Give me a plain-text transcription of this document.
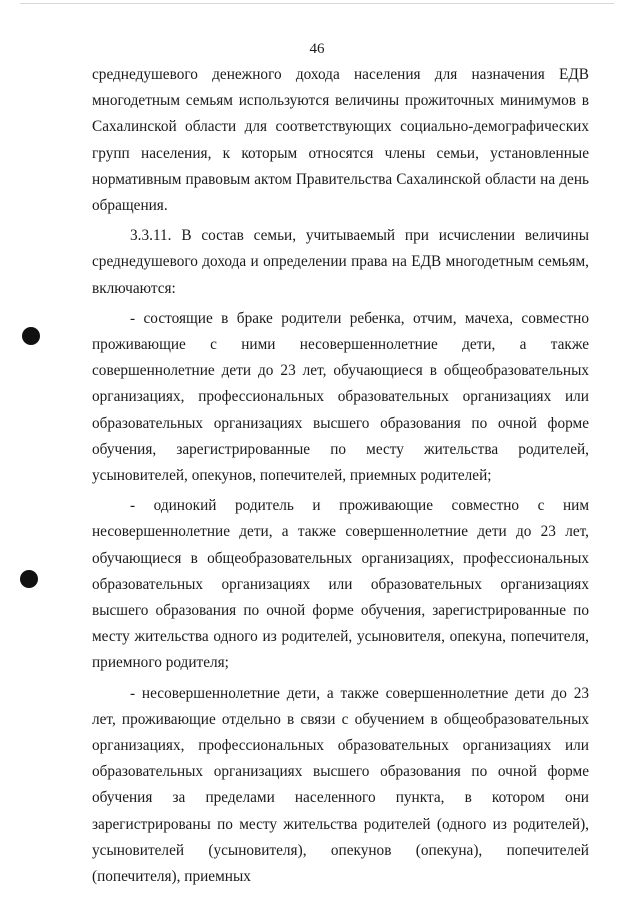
46

среднедушевого денежного дохода населения для назначения ЕДВ многодетным семьям используются величины прожиточных минимумов в Сахалинской области для соответствующих социально-демографических групп населения, к которым относятся члены семьи, установленные нормативным правовым актом Правительства Сахалинской области на день обращения.

3.3.11. В состав семьи, учитываемый при исчислении величины среднедушевого дохода и определении права на ЕДВ многодетным семьям, включаются:

- состоящие в браке родители ребенка, отчим, мачеха, совместно проживающие с ними несовершеннолетние дети, а также совершеннолетние дети до 23 лет, обучающиеся в общеобразовательных организациях, профессиональных образовательных организациях или образовательных организациях высшего образования по очной форме обучения, зарегистрированные по месту жительства родителей, усыновителей, опекунов, попечителей, приемных родителей;

- одинокий родитель и проживающие совместно с ним несовершеннолетние дети, а также совершеннолетние дети до 23 лет, обучающиеся в общеобразовательных организациях, профессиональных образовательных организациях или образовательных организациях высшего образования по очной форме обучения, зарегистрированные по месту жительства одного из родителей, усыновителя, опекуна, попечителя, приемного родителя;

- несовершеннолетние дети, а также совершеннолетние дети до 23 лет, проживающие отдельно в связи с обучением в общеобразовательных организациях, профессиональных образовательных организациях или образовательных организациях высшего образования по очной форме обучения за пределами населенного пункта, в котором они зарегистрированы по месту жительства родителей (одного из родителей), усыновителей (усыновителя), опекунов (опекуна), попечителей (попечителя), приемных
